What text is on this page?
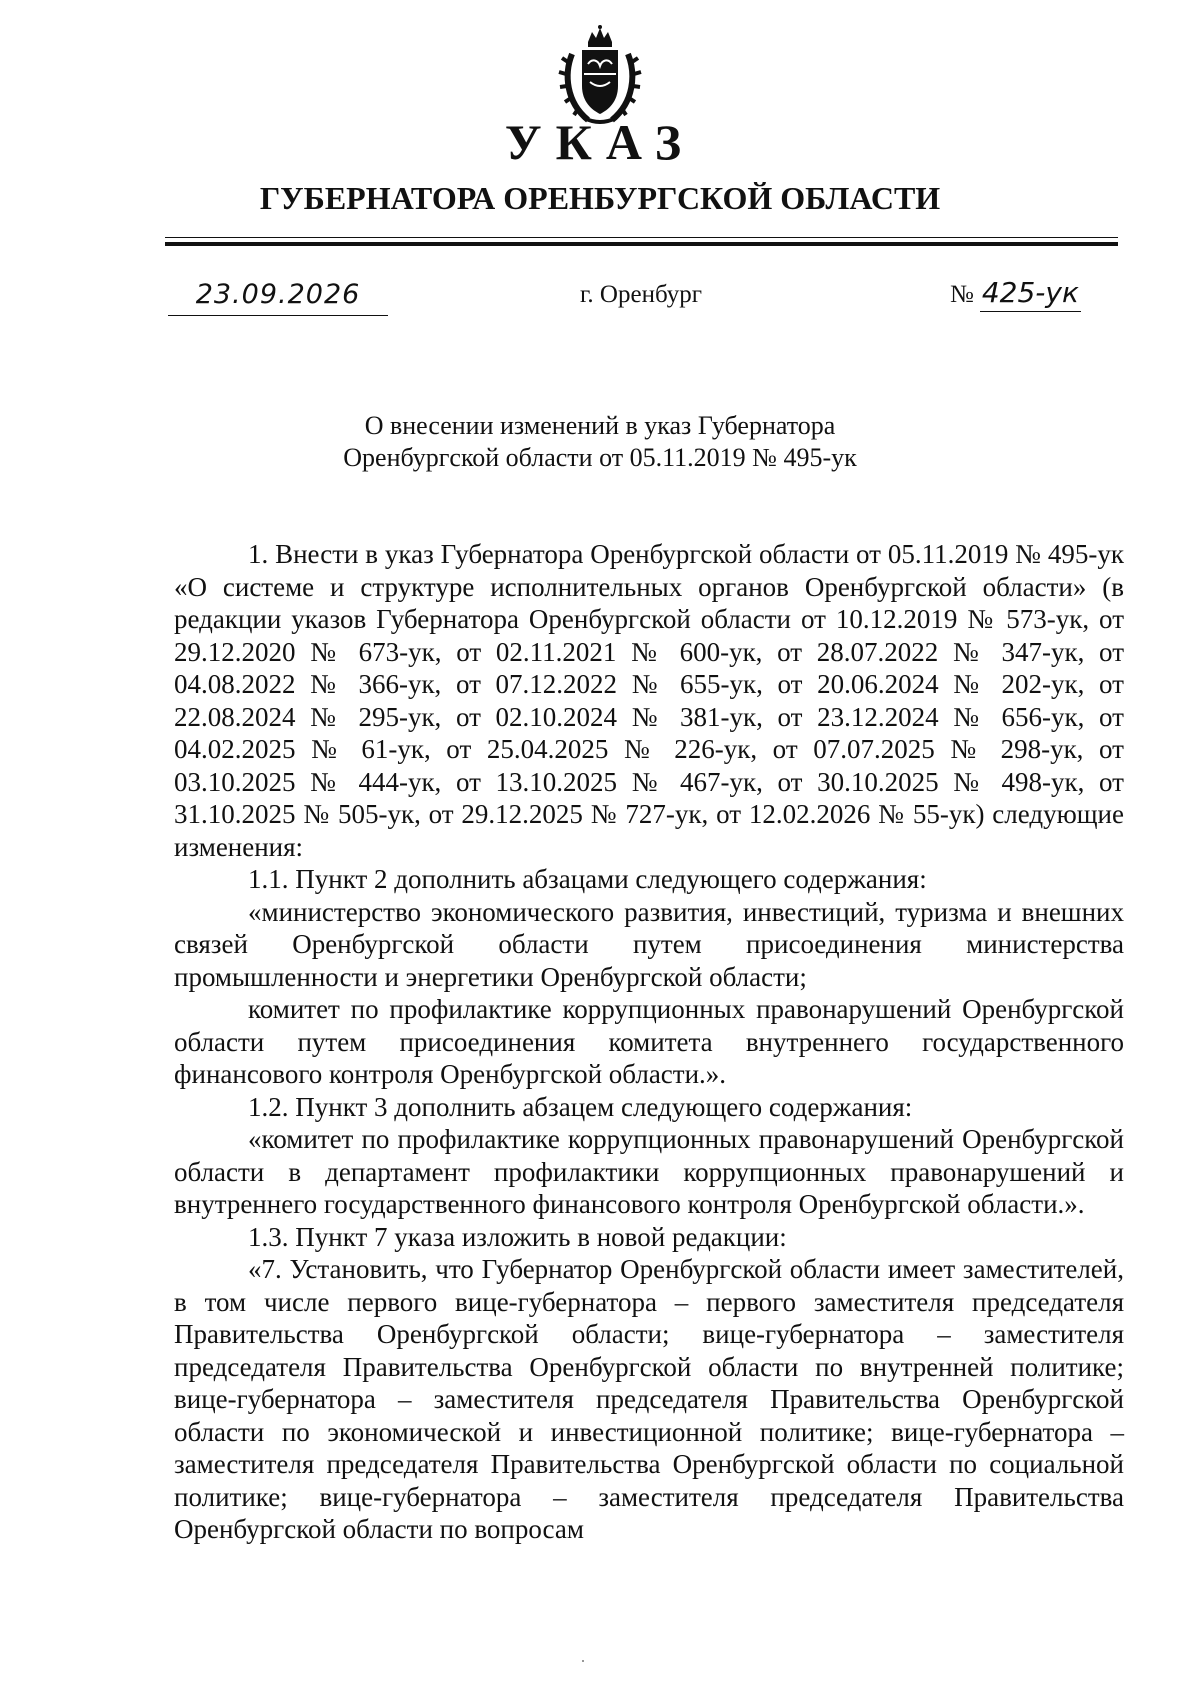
УКАЗ
ГУБЕРНАТОРА ОРЕНБУРГСКОЙ ОБЛАСТИ
23.09.2026	г. Оренбург	№ 425-ук
О внесении изменений в указ Губернатора
Оренбургской области от 05.11.2019 № 495-ук

1. Внести в указ Губернатора Оренбургской области от 05.11.2019 № 495-ук «О системе и структуре исполнительных органов Оренбургской области» (в редакции указов Губернатора Оренбургской области от 10.12.2019 № 573-ук, от 29.12.2020 № 673-ук, от 02.11.2021 № 600-ук, от 28.07.2022 № 347-ук, от 04.08.2022 № 366-ук, от 07.12.2022 № 655-ук, от 20.06.2024 № 202-ук, от 22.08.2024 № 295-ук, от 02.10.2024 № 381-ук, от 23.12.2024 № 656-ук, от 04.02.2025 № 61-ук, от 25.04.2025 № 226-ук, от 07.07.2025 № 298-ук, от 03.10.2025 № 444-ук, от 13.10.2025 № 467-ук, от 30.10.2025 № 498-ук, от 31.10.2025 № 505-ук, от 29.12.2025 № 727-ук, от 12.02.2026 № 55-ук) следующие изменения:

1.1. Пункт 2 дополнить абзацами следующего содержания:

«министерство экономического развития, инвестиций, туризма и внешних связей Оренбургской области путем присоединения министерства промышленности и энергетики Оренбургской области;

комитет по профилактике коррупционных правонарушений Оренбургской области путем присоединения комитета внутреннего государственного финансового контроля Оренбургской области.».

1.2. Пункт 3 дополнить абзацем следующего содержания:

«комитет по профилактике коррупционных правонарушений Оренбургской области в департамент профилактики коррупционных правонарушений и внутреннего государственного финансового контроля Оренбургской области.».

1.3. Пункт 7 указа изложить в новой редакции:

«7. Установить, что Губернатор Оренбургской области имеет заместителей, в том числе первого вице-губернатора – первого заместителя председателя Правительства Оренбургской области; вице-губернатора – заместителя председателя Правительства Оренбургской области по внутренней политике; вице-губернатора – заместителя председателя Правительства Оренбургской области по экономической и инвестиционной политике; вице-губернатора – заместителя председателя Правительства Оренбургской области по социальной политике; вице-губернатора – заместителя председателя Правительства Оренбургской области по вопросам
